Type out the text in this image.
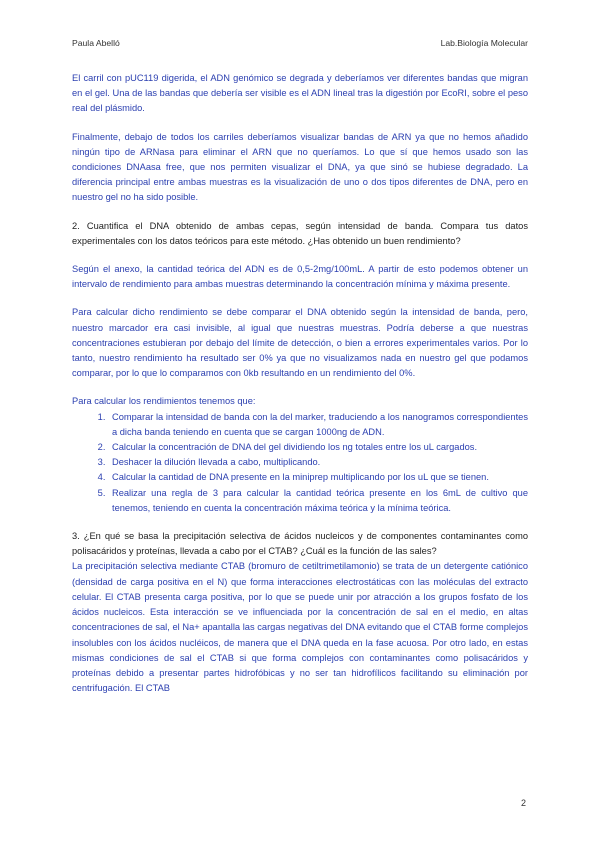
Paula Abelló	Lab.Biología Molecular

El carril con pUC119 digerida, el ADN genómico se degrada y deberíamos ver diferentes bandas que migran en el gel. Una de las bandas que debería ser visible es el ADN lineal tras la digestión por EcoRI, sobre el peso real del plásmido.

Finalmente, debajo de todos los carriles deberíamos visualizar bandas de ARN ya que no hemos añadido ningún tipo de ARNasa para eliminar el ARN que no queríamos. Lo que sí que hemos usado son las condiciones DNAasa free, que nos permiten visualizar el DNA, ya que sinó se hubiese degradado. La diferencia principal entre ambas muestras es la visualización de uno o dos tipos diferentes de DNA, pero en nuestro gel no ha sido posible.

2. Cuantifica el DNA obtenido de ambas cepas, según intensidad de banda. Compara tus datos experimentales con los datos teóricos para este método. ¿Has obtenido un buen rendimiento?

Según el anexo, la cantidad teórica del ADN es de 0,5-2mg/100mL. A partir de esto podemos obtener un intervalo de rendimiento para ambas muestras determinando la concentración mínima y máxima presente.

Para calcular dicho rendimiento se debe comparar el DNA obtenido según la intensidad de banda, pero, nuestro marcador era casi invisible, al igual que nuestras muestras. Podría deberse a que nuestras concentraciones estubieran por debajo del límite de detección, o bien a errores experimentales varios. Por lo tanto, nuestro rendimiento ha resultado ser 0% ya que no visualizamos nada en nuestro gel que podamos comparar, por lo que lo comparamos con 0kb resultando en un rendimiento del 0%.

Para calcular los rendimientos tenemos que:

1. Comparar la intensidad de banda con la del marker, traduciendo a los nanogramos correspondientes a dicha banda teniendo en cuenta que se cargan 1000ng de ADN.
2. Calcular la concentración de DNA del gel dividiendo los ng totales entre los uL cargados.
3. Deshacer la dilución llevada a cabo, multiplicando.
4. Calcular la cantidad de DNA presente en la miniprep multiplicando por los uL que se tienen.
5. Realizar una regla de 3 para calcular la cantidad teórica presente en los 6mL de cultivo que tenemos, teniendo en cuenta la concentración máxima teórica y la mínima teórica.

3. ¿En qué se basa la precipitación selectiva de ácidos nucleicos y de componentes contaminantes como polisacáridos y proteínas, llevada a cabo por el CTAB? ¿Cuál es la función de las sales?

La precipitación selectiva mediante CTAB (bromuro de cetiltrimetilamonio) se trata de un detergente catiónico (densidad de carga positiva en el N) que forma interacciones electrostáticas con las moléculas del extracto celular. El CTAB presenta carga positiva, por lo que se puede unir por atracción a los grupos fosfato de los ácidos nucleicos. Esta interacción se ve influenciada por la concentración de sal en el medio, en altas concentraciones de sal, el Na+ apantalla las cargas negativas del DNA evitando que el CTAB forme complejos insolubles con los ácidos nucléicos, de manera que el DNA queda en la fase acuosa. Por otro lado, en estas mismas condiciones de sal el CTAB si que forma complejos con contaminantes como polisacáridos y proteínas debido a presentar partes hidrofóbicas y no ser tan hidrofílicos facilitando su eliminación por centrifugación. El CTAB

2
